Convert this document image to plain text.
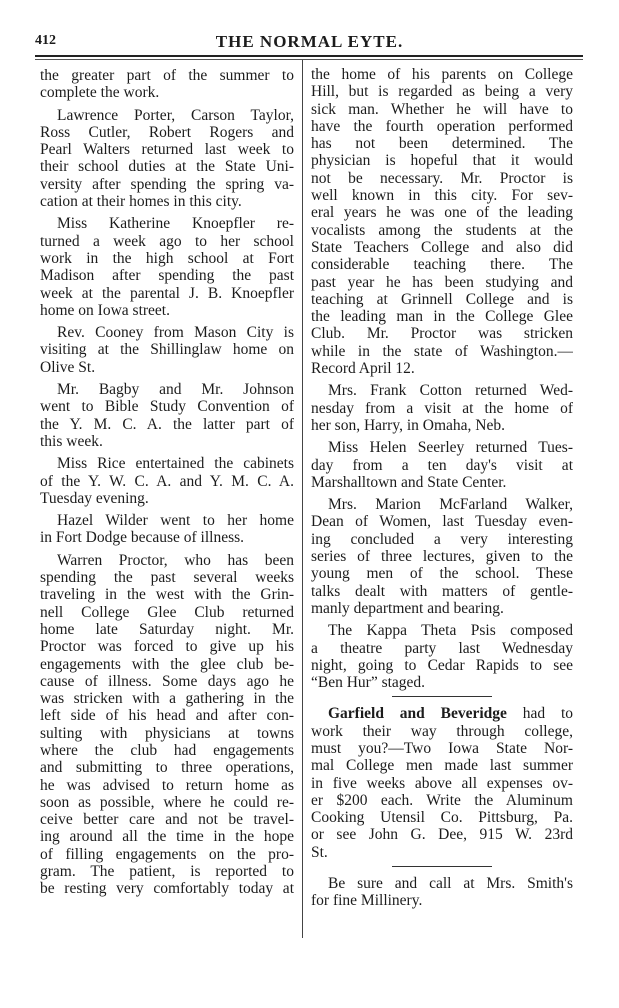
412	THE NORMAL EYTE.
the greater part of the summer to
complete the work.
Lawrence Porter, Carson Taylor,
Ross Cutler, Robert Rogers and
Pearl Walters returned last week to
their school duties at the State Uni-
versity after spending the spring va-
cation at their homes in this city.
Miss Katherine Knoepfler re-
turned a week ago to her school
work in the high school at Fort
Madison after spending the past
week at the parental J. B. Knoepfler
home on Iowa street.
Rev. Cooney from Mason City is
visiting at the Shillinglaw home on
Olive St.
Mr. Bagby and Mr. Johnson
went to Bible Study Convention of
the Y. M. C. A. the latter part of
this week.
Miss Rice entertained the cabinets
of the Y. W. C. A. and Y. M. C. A.
Tuesday evening.
Hazel Wilder went to her home
in Fort Dodge because of illness.
Warren Proctor, who has been
spending the past several weeks
traveling in the west with the Grin-
nell College Glee Club returned
home late Saturday night. Mr.
Proctor was forced to give up his
engagements with the glee club be-
cause of illness. Some days ago he
was stricken with a gathering in the
left side of his head and after con-
sulting with physicians at towns
where the club had engagements
and submitting to three operations,
he was advised to return home as
soon as possible, where he could re-
ceive better care and not be travel-
ing around all the time in the hope
of filling engagements on the pro-
gram. The patient, is reported to
be resting very comfortably today at
the home of his parents on College
Hill, but is regarded as being a very
sick man. Whether he will have to
have the fourth operation performed
has not been determined. The
physician is hopeful that it would
not be necessary. Mr. Proctor is
well known in this city. For sev-
eral years he was one of the leading
vocalists among the students at the
State Teachers College and also did
considerable teaching there. The
past year he has been studying and
teaching at Grinnell College and is
the leading man in the College Glee
Club. Mr. Proctor was stricken
while in the state of Washington.—
Record April 12.
Mrs. Frank Cotton returned Wed-
nesday from a visit at the home of
her son, Harry, in Omaha, Neb.
Miss Helen Seerley returned Tues-
day from a ten day's visit at
Marshalltown and State Center.
Mrs. Marion McFarland Walker,
Dean of Women, last Tuesday even-
ing concluded a very interesting
series of three lectures, given to the
young men of the school. These
talks dealt with matters of gentle-
manly department and bearing.
The Kappa Theta Psis composed
a theatre party last Wednesday
night, going to Cedar Rapids to see
“Ben Hur” staged.
Garfield and Beveridge had to
work their way through college,
must you?—Two Iowa State Nor-
mal College men made last summer
in five weeks above all expenses ov-
er $200 each. Write the Aluminum
Cooking Utensil Co. Pittsburg, Pa.
or see John G. Dee, 915 W. 23rd
St.
Be sure and call at Mrs. Smith's
for fine Millinery.
